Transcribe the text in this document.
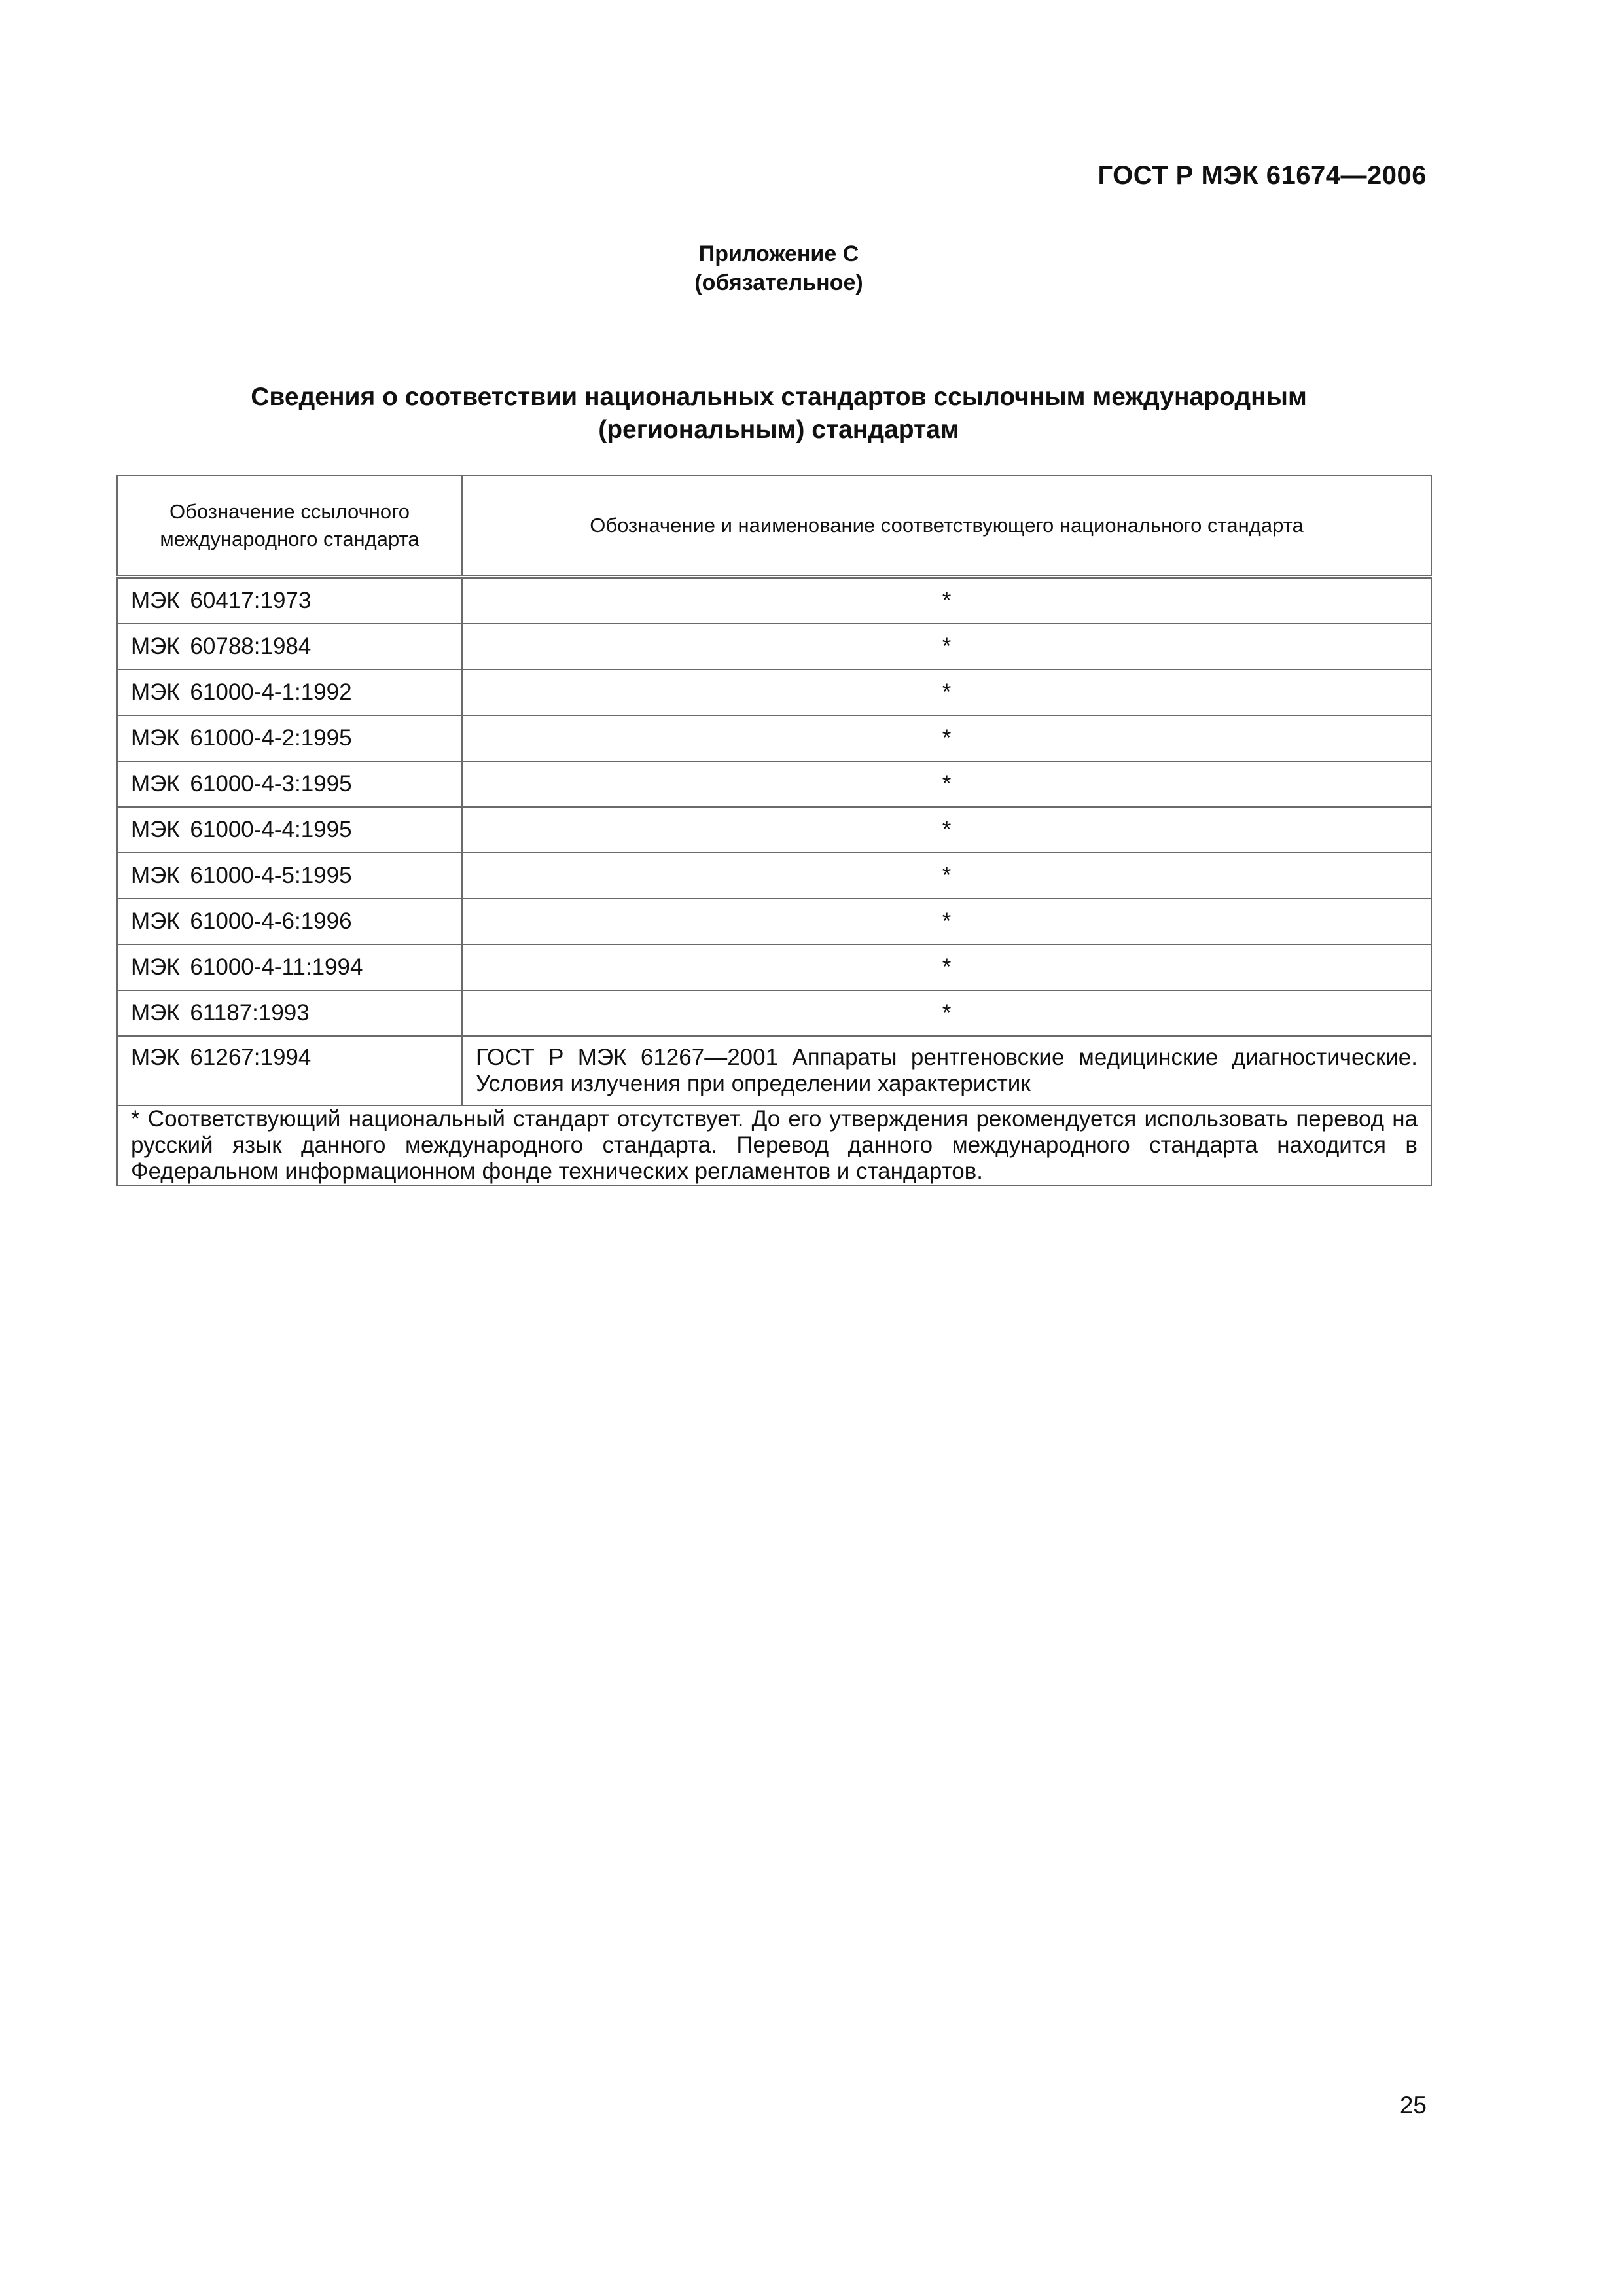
ГОСТ Р МЭК 61674—2006
Приложение С
(обязательное)
Сведения о соответствии национальных стандартов ссылочным международным
(региональным) стандартам
Обозначение ссылочного
международного стандарта	Обозначение и наименование соответствующего национального стандарта
МЭК 60417:1973	*
МЭК 60788:1984	*
МЭК 61000-4-1:1992	*
МЭК 61000-4-2:1995	*
МЭК 61000-4-3:1995	*
МЭК 61000-4-4:1995	*
МЭК 61000-4-5:1995	*
МЭК 61000-4-6:1996	*
МЭК 61000-4-11:1994	*
МЭК 61187:1993	*
МЭК 61267:1994	ГОСТ Р МЭК 61267—2001 Аппараты рентгеновские медицинские диагностические. Условия излучения при определении характеристик
* Соответствующий национальный стандарт отсутствует. До его утверждения рекомендуется использовать перевод на русский язык данного международного стандарта. Перевод данного международного стандарта находится в Федеральном информационном фонде технических регламентов и стандартов.	
25
